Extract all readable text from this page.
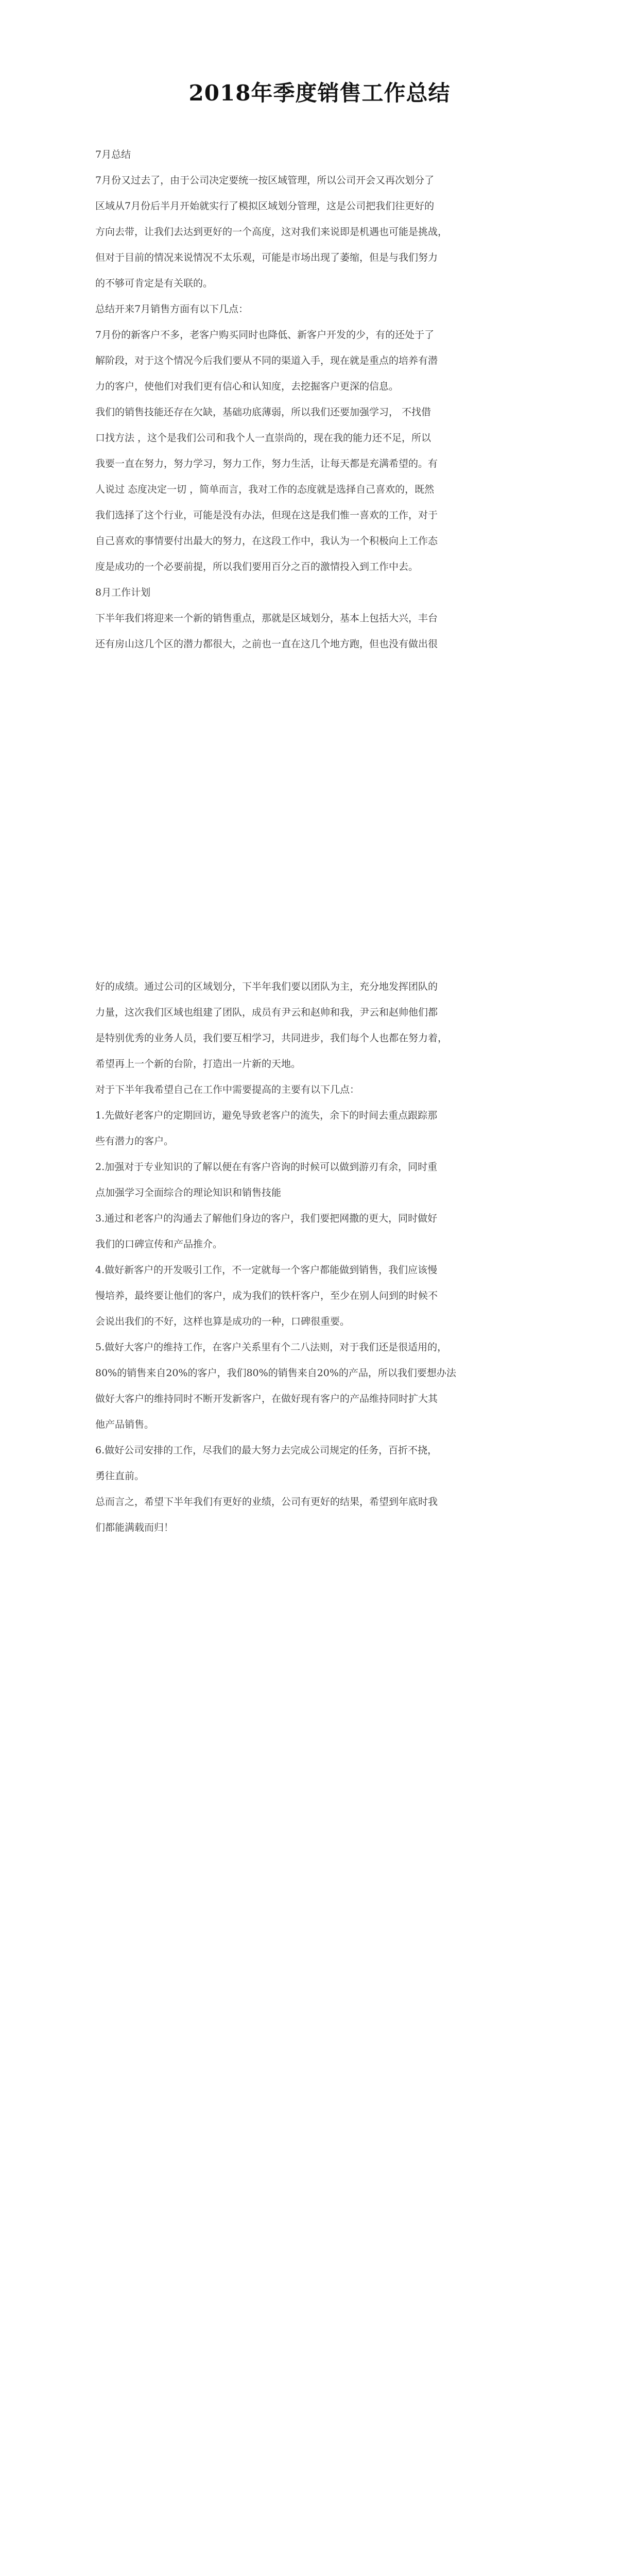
2018年季度销售工作总结
7月总结
7月份又过去了，由于公司决定要统一按区域管理，所以公司开会又再次划分了
区域从7月份后半月开始就实行了模拟区域划分管理，这是公司把我们往更好的
方向去带，让我们去达到更好的一个高度，这对我们来说即是机遇也可能是挑战，
但对于目前的情况来说情况不太乐观，可能是市场出现了萎缩，但是与我们努力
的不够可肯定是有关联的。
总结开来7月销售方面有以下几点：
7月份的新客户不多，老客户购买同时也降低、新客户开发的少，有的还处于了
解阶段，对于这个情况今后我们要从不同的渠道入手，现在就是重点的培养有潜
力的客户，使他们对我们更有信心和认知度，去挖掘客户更深的信息。
我们的销售技能还存在欠缺，基础功底薄弱，所以我们还要加强学习， 不找借
口找方法 ，这个是我们公司和我个人一直崇尚的，现在我的能力还不足，所以
我要一直在努力，努力学习，努力工作，努力生活，让每天都是充满希望的。有
人说过 态度决定一切 ，简单而言，我对工作的态度就是选择自己喜欢的，既然
我们选择了这个行业，可能是没有办法，但现在这是我们惟一喜欢的工作，对于
自己喜欢的事情要付出最大的努力，在这段工作中，我认为一个积极向上工作态
度是成功的一个必要前提，所以我们要用百分之百的激情投入到工作中去。
8月工作计划
下半年我们将迎来一个新的销售重点，那就是区域划分，基本上包括大兴，丰台
还有房山这几个区的潜力都很大，之前也一直在这几个地方跑，但也没有做出很
好的成绩。通过公司的区域划分，下半年我们要以团队为主，充分地发挥团队的
力量，这次我们区域也组建了团队，成员有尹云和赵帅和我，尹云和赵帅他们都
是特别优秀的业务人员，我们要互相学习，共同进步，我们每个人也都在努力着，
希望再上一个新的台阶，打造出一片新的天地。
对于下半年我希望自己在工作中需要提高的主要有以下几点：
1.先做好老客户的定期回访，避免导致老客户的流失，余下的时间去重点跟踪那
些有潜力的客户。
2.加强对于专业知识的了解以便在有客户咨询的时候可以做到游刃有余，同时重
点加强学习全面综合的理论知识和销售技能
3.通过和老客户的沟通去了解他们身边的客户，我们要把网撒的更大，同时做好
我们的口碑宣传和产品推介。
4.做好新客户的开发吸引工作，不一定就每一个客户都能做到销售，我们应该慢
慢培养，最终要让他们的客户，成为我们的铁杆客户，至少在别人问到的时候不
会说出我们的不好，这样也算是成功的一种，口碑很重要。
5.做好大客户的维持工作，在客户关系里有个二八法则，对于我们还是很适用的，
80%的销售来自20%的客户，我们80%的销售来自20%的产品，所以我们要想办法
做好大客户的维持同时不断开发新客户，在做好现有客户的产品维持同时扩大其
他产品销售。
6.做好公司安排的工作，尽我们的最大努力去完成公司规定的任务，百折不挠，
勇往直前。
总而言之，希望下半年我们有更好的业绩，公司有更好的结果，希望到年底时我
们都能满载而归！
